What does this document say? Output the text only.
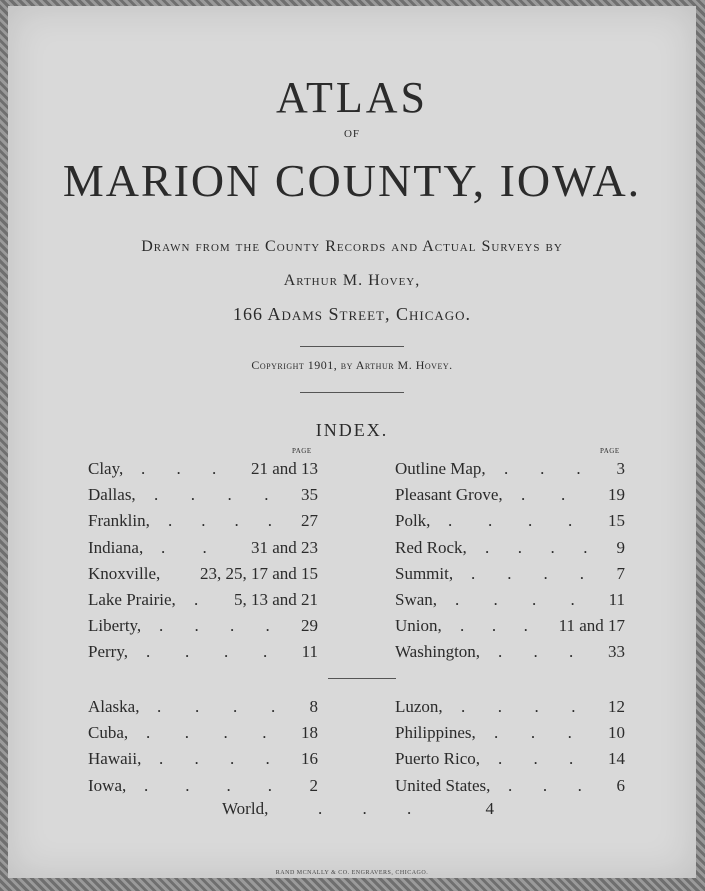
ATLAS
OF
MARION COUNTY, IOWA.
Drawn from the County Records and Actual Surveys by
Arthur M. Hovey,
166 Adams Street, Chicago.
Copyright 1901, by Arthur M. Hovey.
INDEX.
PAGE	PAGE
Clay, . . .	21 and 13
Dallas, . . . .	35
Franklin, . . . .	27
Indiana, . .	31 and 23
Knoxville, 23, 25, 17 and 15
Lake Prairie, .	5, 13 and 21
Liberty, . . . .	29
Perry, . . . .	11
Outline Map, . . .	3
Pleasant Grove, . .	19
Polk, . . . .	15
Red Rock, . . . .	9
Summit, . . . .	7
Swan, . . . .	11
Union, . . .	11 and 17
Washington, . . .	33
Alaska, . . . .	8
Cuba, . . . .	18
Hawaii, . . . .	16
Iowa, . . . .	2
Luzon, . . . .	12
Philippines, . . .	10
Puerto Rico, . . .	14
United States, . . .	6
World,	. . .	4
RAND MCNALLY & CO. ENGRAVERS, CHICAGO.
